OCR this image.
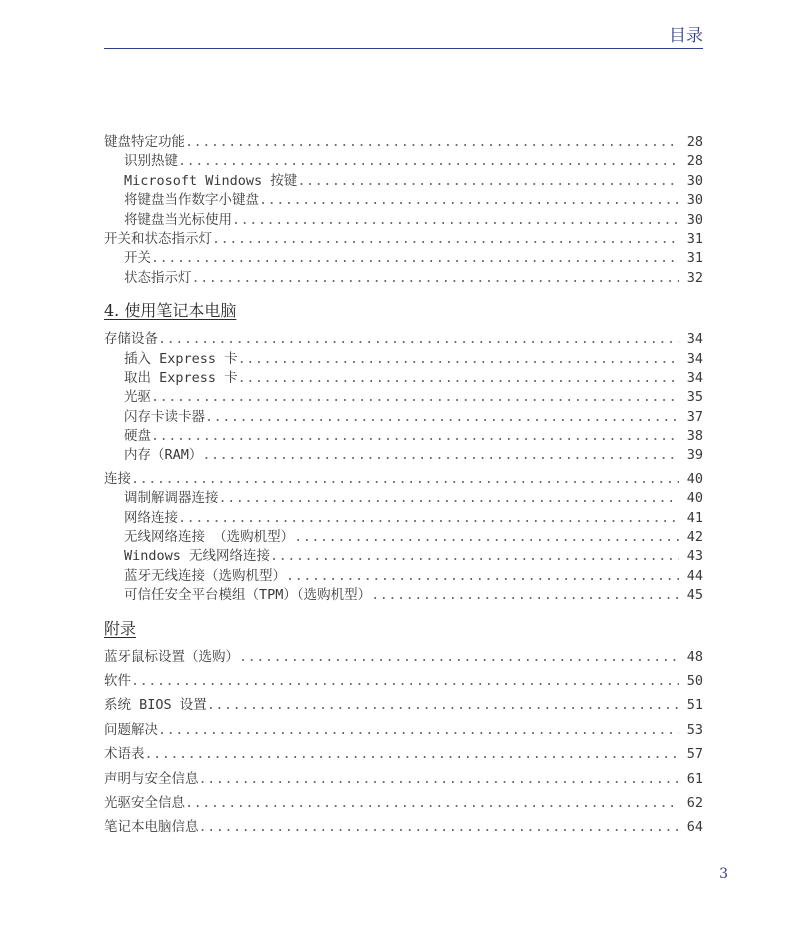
目录
键盘特定功能 .....	28
识别热键 .....	28
Microsoft Windows 按键 .....	30
将键盘当作数字小键盘 .....	30
将键盘当光标使用 .....	30
开关和状态指示灯 .....	31
开关 .....	31
状态指示灯 .....	32
4. 使用笔记本电脑
存储设备 .....	34
插入 Express 卡 .....	34
取出 Express 卡 .....	34
光驱 .....	35
闪存卡读卡器 .....	37
硬盘 .....	38
内存（RAM） .....	39
连接 .....	40
调制解调器连接 .....	40
网络连接 .....	41
无线网络连接 （选购机型） .....	42
Windows 无线网络连接 .....	43
蓝牙无线连接（选购机型） .....	44
可信任安全平台模组（TPM）（选购机型） .....	45
附录
蓝牙鼠标设置（选购） .....	48
软件 .....	50
系统 BIOS 设置 .....	51
问题解决 .....	53
术语表 .....	57
声明与安全信息 .....	61
光驱安全信息 .....	62
笔记本电脑信息 .....	64
3
